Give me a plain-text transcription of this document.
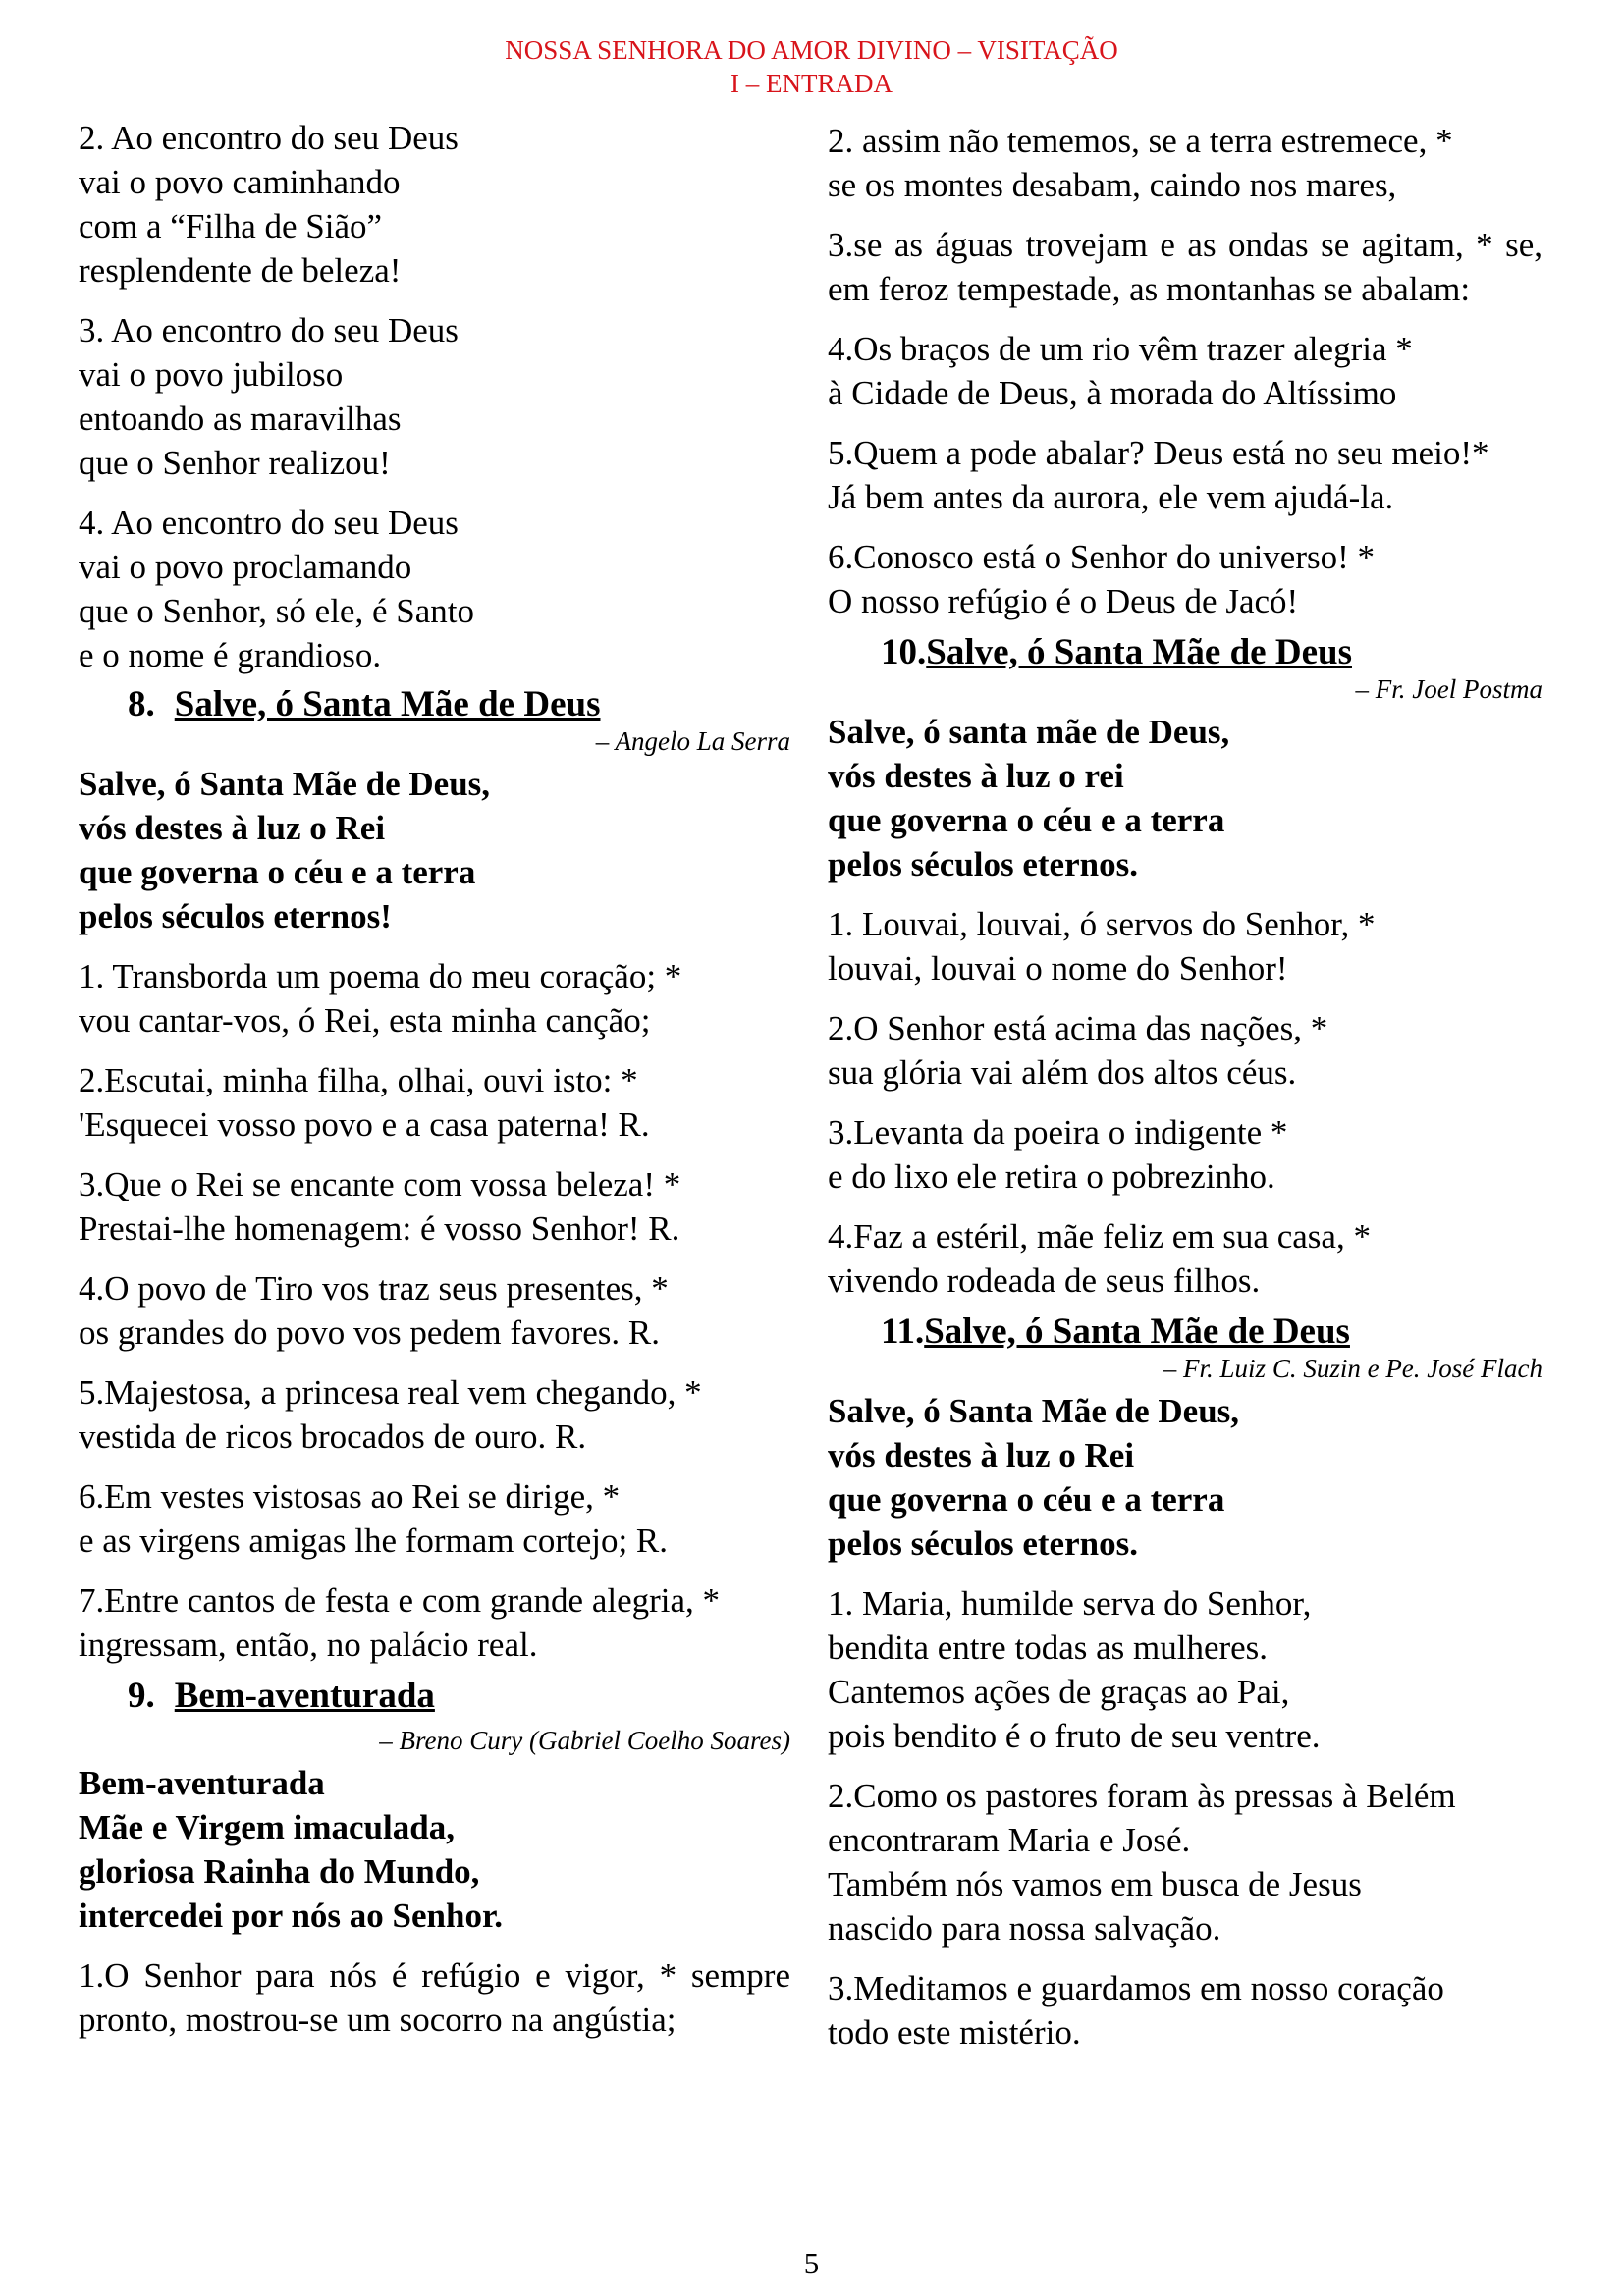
NOSSA SENHORA DO AMOR DIVINO – VISITAÇÃO
I – ENTRADA

2. Ao encontro do seu Deus
vai o povo caminhando
com a “Filha de Sião”
resplendente de beleza!

3. Ao encontro do seu Deus
vai o povo jubiloso
entoando as maravilhas
que o Senhor realizou!

4. Ao encontro do seu Deus
vai o povo proclamando
que o Senhor, só ele, é Santo
e o nome é grandioso.

8. Salve, ó Santa Mãe de Deus
– Angelo La Serra

Salve, ó Santa Mãe de Deus,
vós destes à luz o Rei
que governa o céu e a terra
pelos séculos eternos!

1. Transborda um poema do meu coração; *
vou cantar-vos, ó Rei, esta minha canção;

2.Escutai, minha filha, olhai, ouvi isto: *
'Esquecei vosso povo e a casa paterna! R.

3.Que o Rei se encante com vossa beleza! *
Prestai-lhe homenagem: é vosso Senhor! R.

4.O povo de Tiro vos traz seus presentes, *
os grandes do povo vos pedem favores. R.

5.Majestosa, a princesa real vem chegando, *
vestida de ricos brocados de ouro. R.

6.Em vestes vistosas ao Rei se dirige, *
e as virgens amigas lhe formam cortejo; R.

7.Entre cantos de festa e com grande alegria, *
ingressam, então, no palácio real.

9. Bem-aventurada
– Breno Cury (Gabriel Coelho Soares)

Bem-aventurada
Mãe e Virgem imaculada,
gloriosa Rainha do Mundo,
intercedei por nós ao Senhor.

1.O Senhor para nós é refúgio e vigor, * sempre pronto, mostrou-se um socorro na angústia;

2. assim não tememos, se a terra estremece, *
se os montes desabam, caindo nos mares,

3.se as águas trovejam e as ondas se agitam, * se, em feroz tempestade, as montanhas se abalam:

4.Os braços de um rio vêm trazer alegria *
à Cidade de Deus, à morada do Altíssimo

5.Quem a pode abalar? Deus está no seu meio!*
Já bem antes da aurora, ele vem ajudá-la.

6.Conosco está o Senhor do universo! *
O nosso refúgio é o Deus de Jacó!

10.Salve, ó Santa Mãe de Deus
– Fr. Joel Postma

Salve, ó santa mãe de Deus,
vós destes à luz o rei
que governa o céu e a terra
pelos séculos eternos.

1. Louvai, louvai, ó servos do Senhor, *
louvai, louvai o nome do Senhor!

2.O Senhor está acima das nações, *
sua glória vai além dos altos céus.

3.Levanta da poeira o indigente *
e do lixo ele retira o pobrezinho.

4.Faz a estéril, mãe feliz em sua casa, *
vivendo rodeada de seus filhos.

11.Salve, ó Santa Mãe de Deus
– Fr. Luiz C. Suzin e Pe. José Flach

Salve, ó Santa Mãe de Deus,
vós destes à luz o Rei
que governa o céu e a terra
pelos séculos eternos.

1. Maria, humilde serva do Senhor,
bendita entre todas as mulheres.
Cantemos ações de graças ao Pai,
pois bendito é o fruto de seu ventre.

2.Como os pastores foram às pressas à Belém
encontraram Maria e José.
Também nós vamos em busca de Jesus
nascido para nossa salvação.

3.Meditamos e guardamos em nosso coração
todo este mistério.

5
